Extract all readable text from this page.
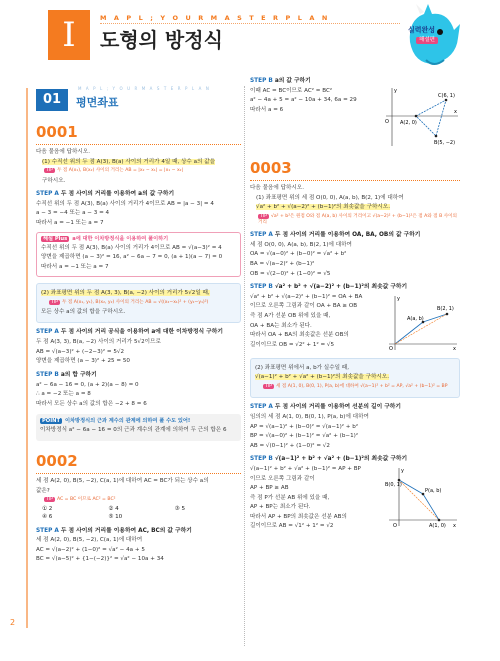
I	M A P L ; Y O U R M A S T E R P L A N
도형의 방정식	실력완성
해설편
01
M A P L ; Y O U R M A S T E R P L A N
평면좌표
0001
다음 물음에 답하시오.
(1) 수직선 위의 두 점 A(3), B(a) 사이의 거리가 4일 때, 상수 a의 값을
TIP 두 점 A(x₁), B(x₂) 사이의 거리는 AB = |x₂ − x₁| = |x₁ − x₂|
구하시오.
STEP A 두 점 사이의 거리를 이용하여 a의 값 구하기
수직선 위의 두 점 A(3), B(a) 사이의 거리가 4이므로 AB = |a − 3| = 4
a − 3 = −4 또는 a − 3 = 4
따라서 a = −1 또는 a = 7
해설 Plus a에 대한 이차방정식을 이용하여 풀이하기
수직선 위의 두 점 A(3), B(a) 사이의 거리가 4이므로 AB = √(a−3)² = 4
양변을 제곱하면 (a − 3)² = 16, a² − 6a − 7 = 0, (a + 1)(a − 7) = 0
따라서 a = −1 또는 a = 7
(2) 좌표평면 위의 두 점 A(3, 3), B(a, −2) 사이의 거리가 5√2일 때,
TIP 두 점 A(x₁, y₁), B(x₂, y₂) 사이의 거리는 AB = √((x₂−x₁)² + (y₂−y₁)²)
모든 상수 a의 값의 합을 구하시오.
STEP A 두 점 사이의 거리 공식을 이용하여 a에 대한 이차방정식 구하기
두 점 A(3, 3), B(a, −2) 사이의 거리가 5√2이므로
AB = √(a−3)² + (−2−3)² = 5√2
양변을 제곱하면 (a − 3)² + 25 = 50
STEP B a의 합 구하기
a² − 6a − 16 = 0, (a + 2)(a − 8) = 0
∴ a = −2 또는 a = 8
따라서 모든 상수 a의 값의 합은 −2 + 8 = 6
POINT 이차방정식의 근과 계수의 관계에 의하여 풀 수도 있어!
이차방정식 a² − 6a − 16 = 0의 근과 계수의 관계에 의하여 두 근의 합은 6
0002
세 점 A(2, 0), B(5, −2), C(a, 1)에 대하여 AC = BC가 되는 상수 a의
값은?
TIP AC = BC 이므로 AC² = BC²
① 2	② 4	③ 5
④ 6	⑤ 10
STEP A 두 점 사이의 거리를 이용하여 AC, BC의 값 구하기
세 점 A(2, 0), B(5, −2), C(a, 1)에 대하여
AC = √(a−2)² + (1−0)² = √a² − 4a + 5
BC = √(a−5)² + {1−(−2)}² = √a² − 10a + 34
STEP B a의 값 구하기
이때 AC = BC이므로 AC² = BC²
a² − 4a + 5 = a² − 10a + 34, 6a = 29
따라서 a = 6
C(6, 1)
A(2, 0)
B(5, −2)
O
x
y
0003
다음 물음에 답하시오.
(1) 좌표평면 위의 세 점 O(0, 0), A(a, b), B(2, 1)에 대하여
√a² + b² + √(a−2)² + (b−1)²의 최솟값을 구하시오.
TIP √a² + b²은 원점 O와 점 A(a, b) 사이의 거리이고 √(a−2)² + (b−1)²은 점 A와 점 B 사이의 거리
STEP A 두 점 사이의 거리를 이용하여 OA, BA, OB의 값 구하기
세 점 O(0, 0), A(a, b), B(2, 1)에 대하여
OA = √(a−0)² + (b−0)² = √a² + b²
BA = √(a−2)² + (b−1)²
OB = √(2−0)² + (1−0)² = √5
STEP B √a² + b² + √(a−2)² + (b−1)²의 최솟값 구하기
√a² + b² + √(a−2)² + (b−1)² = OA + BA
이므로 오른쪽 그림과 같이 OA + BA ≥ OB
즉 점 A가 선분 OB 위에 있을 때,
OA + BA는 최소가 된다.
따라서 OA + BA의 최솟값은 선분 OB의
길이이므로 OB = √2² + 1² = √5
A(a, b)
B(2, 1)
O	x
y
(2) 좌표평면 위에서 a, b가 실수일 때,
√(a−1)² + b² + √a² + (b−1)²의 최솟값을 구하시오.
TIP 세 점 A(1, 0), B(0, 1), P(a, b)에 대하여 √(a−1)² + b² = AP, √a² + (b−1)² = BP
STEP A 두 점 사이의 거리를 이용하여 선분의 길이 구하기
임의의 세 점 A(1, 0), B(0, 1), P(a, b)에 대하여
AP = √(a−1)² + (b−0)² = √(a−1)² + b²
BP = √(a−0)² + (b−1)² = √a² + (b−1)²
AB = √(0−1)² + (1−0)² = √2
STEP B √(a−1)² + b² + √a² + (b−1)²의 최솟값 구하기
√(a−1)² + b² + √a² + (b−1)² = AP + BP
이므로 오른쪽 그림과 같이
AP + BP ≥ AB
즉 점 P가 선분 AB 위에 있을 때,
AP + BP는 최소가 된다.
따라서 AP + BP의 최솟값은 선분 AB의
길이이므로 AB = √1² + 1² = √2
B(0, 1)
P(a, b)
A(1, 0)
O	x
y
2
